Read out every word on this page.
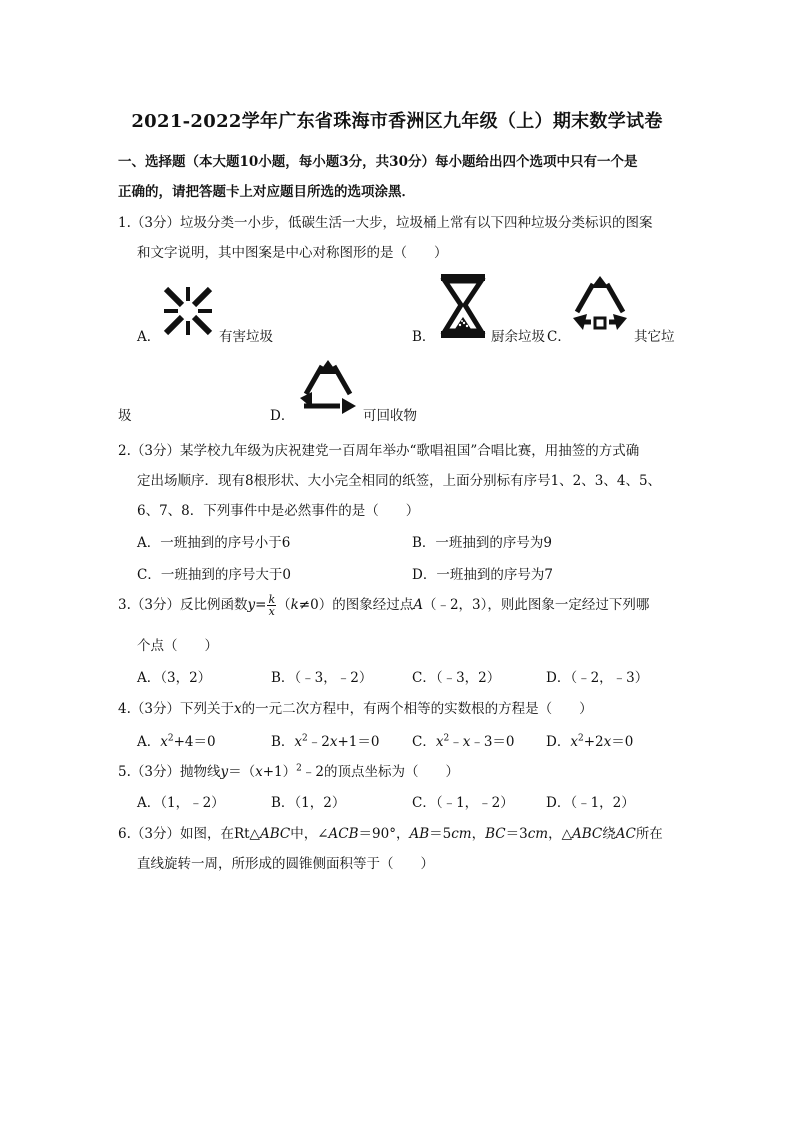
2021-2022学年广东省珠海市香洲区九年级（上）期末数学试卷
一、选择题（本大题10小题，每小题3分，共30分）每小题给出四个选项中只有一个是
正确的，请把答题卡上对应题目所选的选项涂黑．
1.（3分）垃圾分类一小步，低碳生活一大步，垃圾桶上常有以下四种垃圾分类标识的图案
和文字说明，其中图案是中心对称图形的是（　　）
A．	有害垃圾	B．	厨余垃圾 C．	其它垃
圾	D．	可回收物
2.（3分）某学校九年级为庆祝建党一百周年举办“歌唱祖国”合唱比赛，用抽签的方式确
定出场顺序．现有8根形状、大小完全相同的纸签，上面分别标有序号1、2、3、4、5、
6、7、8．下列事件中是必然事件的是（　　）
A．一班抽到的序号小于6	B．一班抽到的序号为9
C．一班抽到的序号大于0	D．一班抽到的序号为7
3.（3分）反比例函数$y= \frac{k}{x} (k\ne 0)$的图象经过点A（﹣2，3），则此图象一定经过下列哪
个点（　　）
A．（3，2）	B．（﹣3，﹣2）	C．（﹣3，2）	D．（﹣2，﹣3）
4.（3分）下列关于x的一元二次方程中，有两个相等的实数根的方程是（　　）
A．$x^2+4=0$	B．$x^2﹣2x+1=0$ C．$x^2﹣x﹣3=0$ D．$x^2+2x=0$
5.（3分）抛物线$y=(x+1)^2﹣2$的顶点坐标为（　　）
A．（1，﹣2）	B．（1，2）	C．（﹣1，﹣2） D．（﹣1，2）
6.（3分）如图，在Rt△ABC中，∠ACB＝90°，AB＝5cm，BC＝3cm，△ABC绕AC所在
直线旋转一周，所形成的圆锥侧面积等于（　　）
